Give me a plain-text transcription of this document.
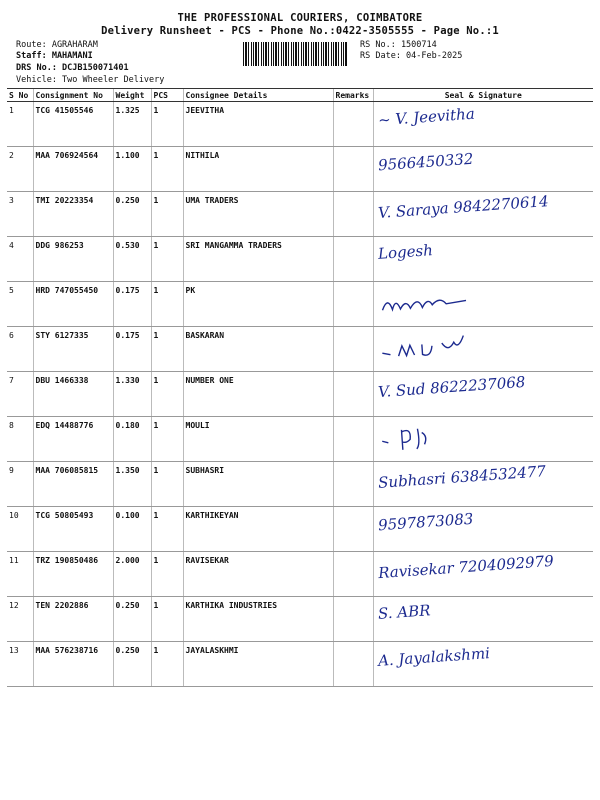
THE PROFESSIONAL COURIERS, COIMBATORE
Delivery Runsheet - PCS - Phone No.:0422-3505555 - Page No.:1
Route: AGRAHARAM
Staff: MAHAMANI
DRS No.: DCJB150071401
Vehicle: Two Wheeler Delivery
RS No.: 1500714
RS Date: 04-Feb-2025
S No	Consignment No	Weight	PCS	Consignee Details	Remarks	Seal & Signature
1	TCG 41505546	1.325	1	JEEVITHA		~ V. Jeevitha

2	MAA 706924564	1.100	1	NITHILA		9566450332

3	TMI 20223354	0.250	1	UMA TRADERS		V. Saraya 9842270614

4	DDG 986253	0.530	1	SRI MANGAMMA TRADERS		Logesh

5	HRD 747055450	0.175	1	PK		

6	STY 6127335	0.175	1	BASKARAN		

7	DBU 1466338	1.330	1	NUMBER ONE		V. Sud 8622237068

8	EDQ 14488776	0.180	1	MOULI		

9	MAA 706085815	1.350	1	SUBHASRI		Subhasri 6384532477

10	TCG 50805493	0.100	1	KARTHIKEYAN		9597873083

11	TRZ 190850486	2.000	1	RAVISEKAR		Ravisekar 7204092979

12	TEN 2202886	0.250	1	KARTHIKA INDUSTRIES		S. ABR

13	MAA 576238716	0.250	1	JAYALASKHMI		A. Jayalakshmi
